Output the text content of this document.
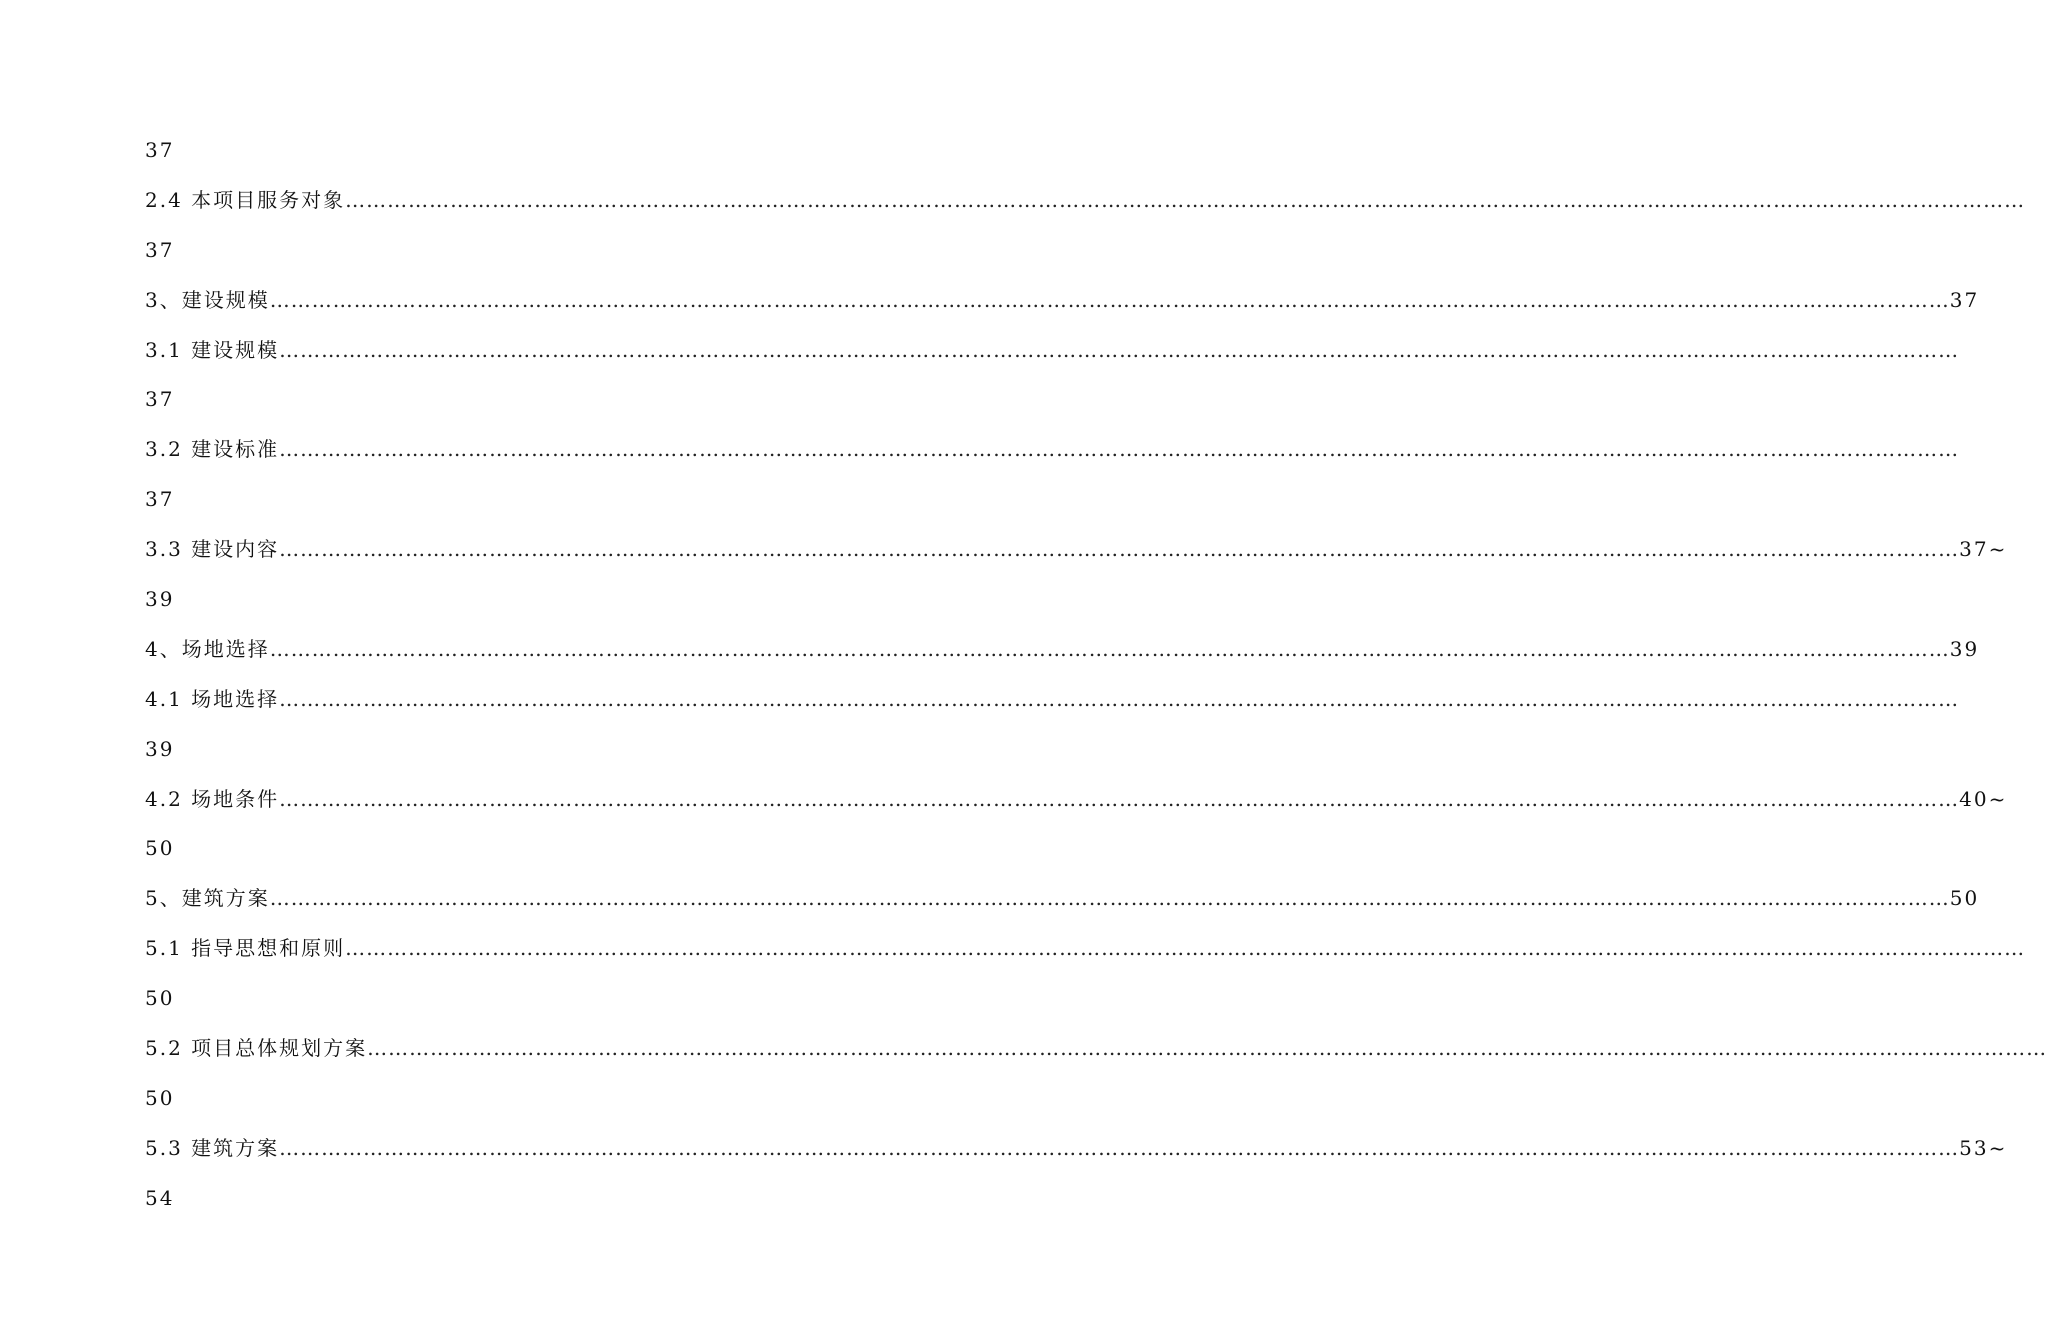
37
2.4 本项目服务对象 ……………………………………………………………………………………………………………………………………………………………………………………………………………………
37
3、建设规模 …………………………………………………………………………………………………………………………………………………………………………………………………………………… 37
3.1 建设规模 ……………………………………………………………………………………………………………………………………………………………………………………………………………………
37
3.2 建设标准 ……………………………………………………………………………………………………………………………………………………………………………………………………………………
37
3.3 建设内容 …………………………………………………………………………………………………………………………………………………………………………………………………………………… 37~
39
4、场地选择 …………………………………………………………………………………………………………………………………………………………………………………………………………………… 39
4.1 场地选择 ……………………………………………………………………………………………………………………………………………………………………………………………………………………
39
4.2 场地条件 …………………………………………………………………………………………………………………………………………………………………………………………………………………… 40~
50
5、建筑方案 …………………………………………………………………………………………………………………………………………………………………………………………………………………… 50
5.1 指导思想和原则 ……………………………………………………………………………………………………………………………………………………………………………………………………………………
50
5.2 项目总体规划方案 ……………………………………………………………………………………………………………………………………………………………………………………………………………………
50
5.3 建筑方案 …………………………………………………………………………………………………………………………………………………………………………………………………………………… 53~
54
